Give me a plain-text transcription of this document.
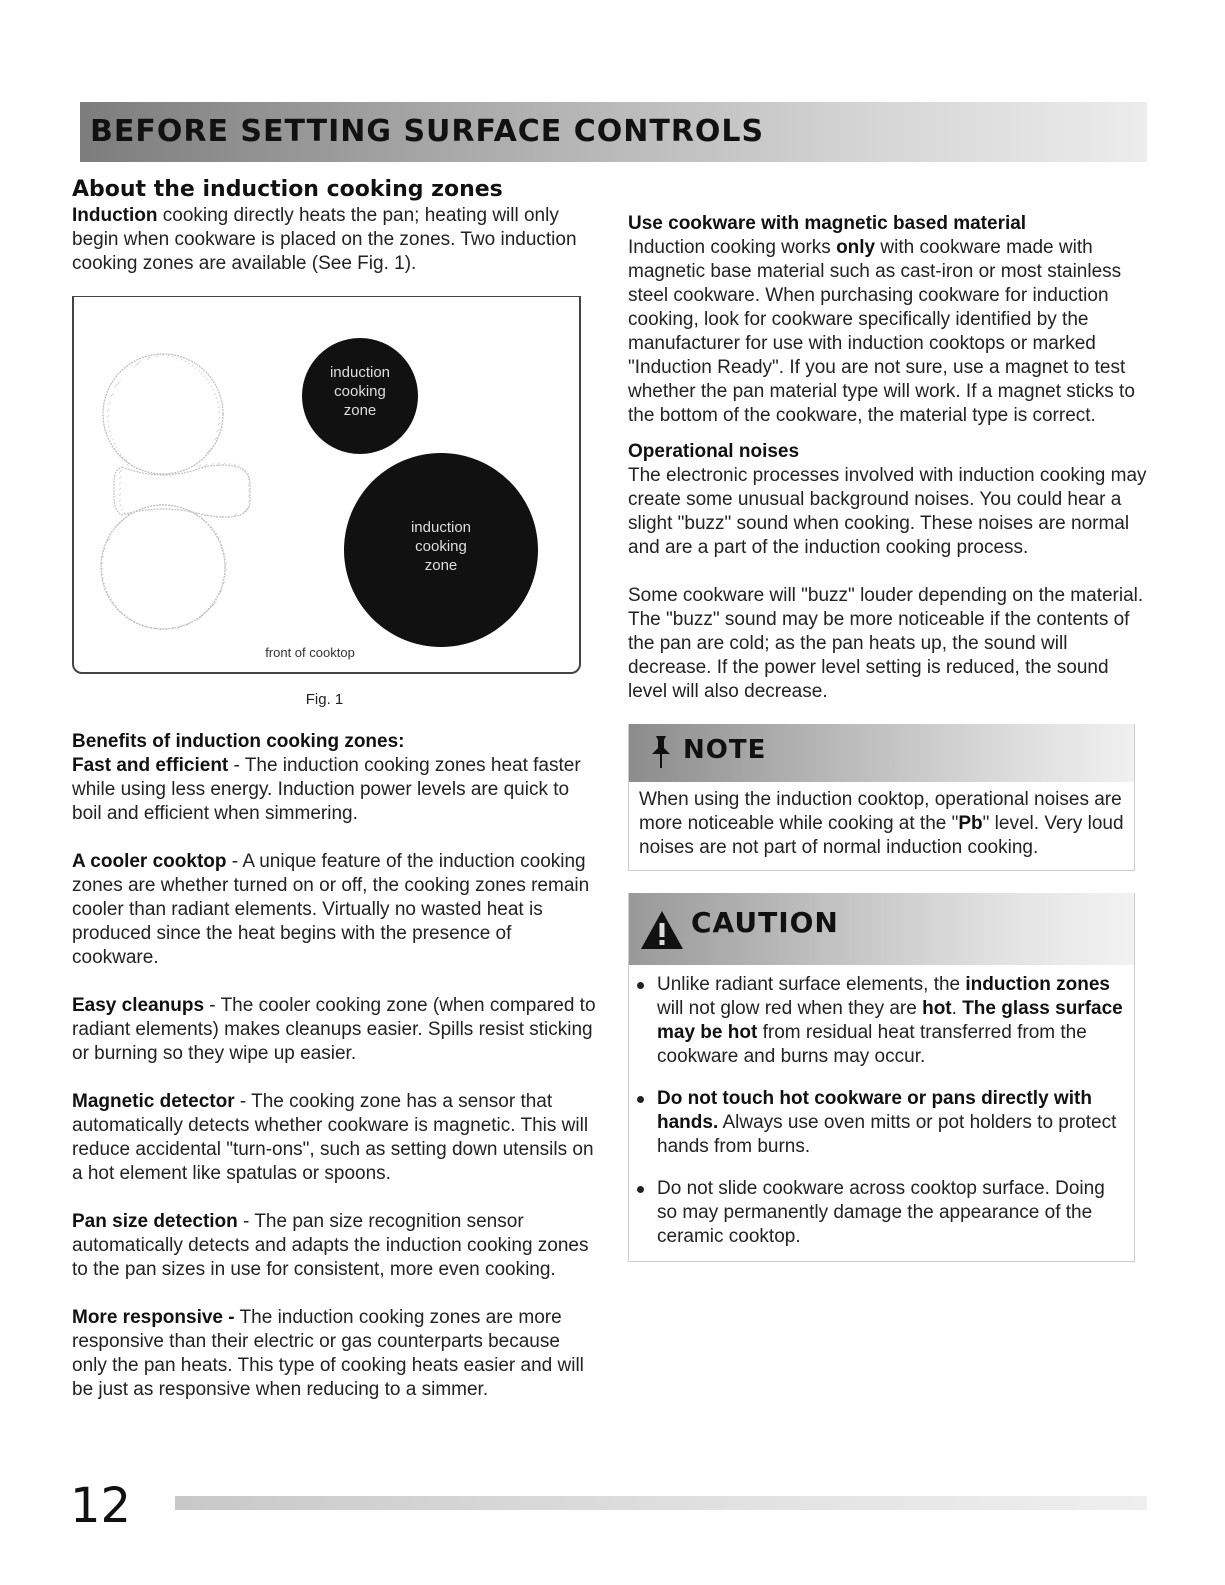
BEFORE SETTING SURFACE CONTROLS
About the induction cooking zones

Induction cooking directly heats the pan; heating will only begin when cookware is placed on the zones. Two induction cooking zones are available (See Fig. 1).

induction
cooking
zone
induction
cooking
zone
front of cooktop
Fig. 1
Benefits of induction cooking zones:
Fast and efficient - The induction cooking zones heat faster while using less energy. Induction power levels are quick to boil and efficient when simmering.
A cooler cooktop - A unique feature of the induction cooking zones are whether turned on or off, the cooking zones remain cooler than radiant elements. Virtually no wasted heat is produced since the heat begins with the presence of cookware.
Easy cleanups - The cooler cooking zone (when compared to radiant elements) makes cleanups easier. Spills resist sticking or burning so they wipe up easier.
Magnetic detector - The cooking zone has a sensor that automatically detects whether cookware is magnetic. This will reduce accidental "turn-ons", such as setting down utensils on a hot element like spatulas or spoons.
Pan size detection - The pan size recognition sensor automatically detects and adapts the induction cooking zones to the pan sizes in use for consistent, more even cooking.
More responsive - The induction cooking zones are more responsive than their electric or gas counterparts because only the pan heats. This type of cooking heats easier and will be just as responsive when reducing to a simmer.
Use cookware with magnetic based material

Induction cooking works only with cookware made with magnetic base material such as cast-iron or most stainless steel cookware. When purchasing cookware for induction cooking, look for cookware specifically identified by the manufacturer for use with induction cooktops or marked "Induction Ready". If you are not sure, use a magnet to test whether the pan material type will work. If a magnet sticks to the bottom of the cookware, the material type is correct.

Operational noises

The electronic processes involved with induction cooking may create some unusual background noises. You could hear a slight "buzz" sound when cooking. These noises are normal and are a part of the induction cooking process.

Some cookware will "buzz" louder depending on the material. The "buzz" sound may be more noticeable if the contents of the pan are cold; as the pan heats up, the sound will decrease. If the power level setting is reduced, the sound level will also decrease.

NOTE
When using the induction cooktop, operational noises are more noticeable while cooking at the "Pb" level. Very loud noises are not part of normal induction cooking.
CAUTION
Unlike radiant surface elements, the induction zones will not glow red when they are hot. The glass surface may be hot from residual heat transferred from the cookware and burns may occur.
Do not touch hot cookware or pans directly with hands. Always use oven mitts or pot holders to protect hands from burns.
Do not slide cookware across cooktop surface. Doing so may permanently damage the appearance of the ceramic cooktop.
12
